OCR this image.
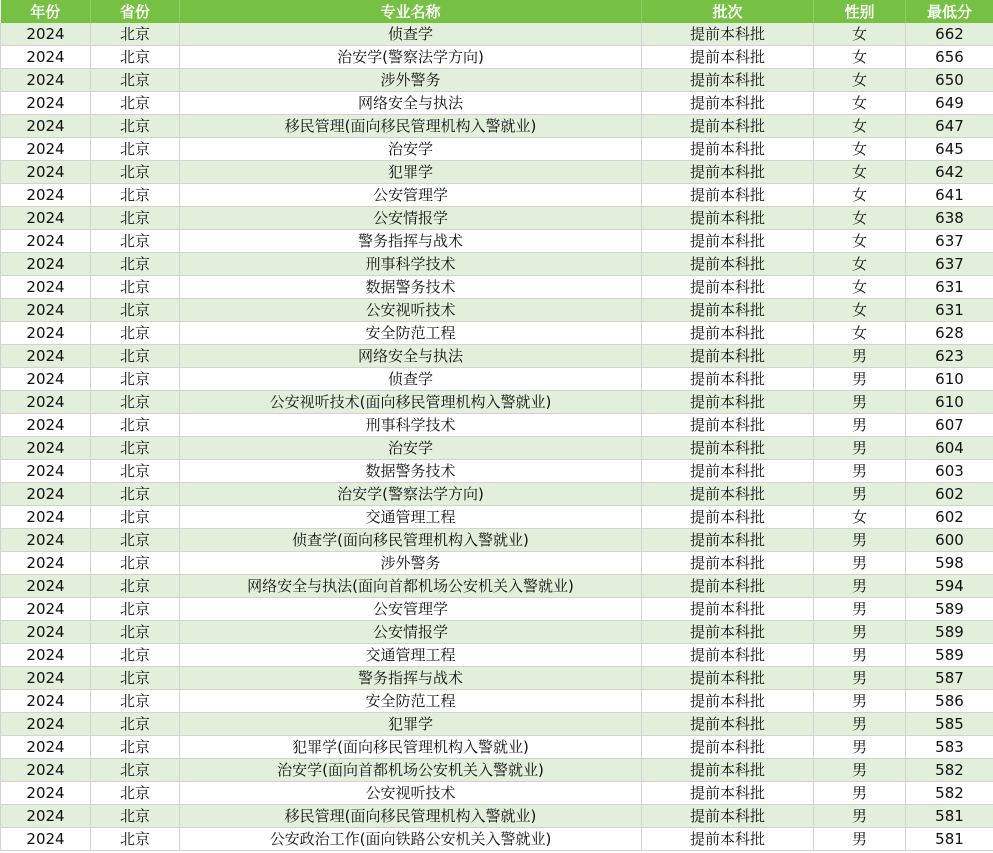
年份	省份	专业名称	批次	性别	最低分
2024	北京	侦查学	提前本科批	女	662
2024	北京	治安学(警察法学方向)	提前本科批	女	656
2024	北京	涉外警务	提前本科批	女	650
2024	北京	网络安全与执法	提前本科批	女	649
2024	北京	移民管理(面向移民管理机构入警就业)	提前本科批	女	647
2024	北京	治安学	提前本科批	女	645
2024	北京	犯罪学	提前本科批	女	642
2024	北京	公安管理学	提前本科批	女	641
2024	北京	公安情报学	提前本科批	女	638
2024	北京	警务指挥与战术	提前本科批	女	637
2024	北京	刑事科学技术	提前本科批	女	637
2024	北京	数据警务技术	提前本科批	女	631
2024	北京	公安视听技术	提前本科批	女	631
2024	北京	安全防范工程	提前本科批	女	628
2024	北京	网络安全与执法	提前本科批	男	623
2024	北京	侦查学	提前本科批	男	610
2024	北京	公安视听技术(面向移民管理机构入警就业)	提前本科批	男	610
2024	北京	刑事科学技术	提前本科批	男	607
2024	北京	治安学	提前本科批	男	604
2024	北京	数据警务技术	提前本科批	男	603
2024	北京	治安学(警察法学方向)	提前本科批	男	602
2024	北京	交通管理工程	提前本科批	女	602
2024	北京	侦查学(面向移民管理机构入警就业)	提前本科批	男	600
2024	北京	涉外警务	提前本科批	男	598
2024	北京	网络安全与执法(面向首都机场公安机关入警就业)	提前本科批	男	594
2024	北京	公安管理学	提前本科批	男	589
2024	北京	公安情报学	提前本科批	男	589
2024	北京	交通管理工程	提前本科批	男	589
2024	北京	警务指挥与战术	提前本科批	男	587
2024	北京	安全防范工程	提前本科批	男	586
2024	北京	犯罪学	提前本科批	男	585
2024	北京	犯罪学(面向移民管理机构入警就业)	提前本科批	男	583
2024	北京	治安学(面向首都机场公安机关入警就业)	提前本科批	男	582
2024	北京	公安视听技术	提前本科批	男	582
2024	北京	移民管理(面向移民管理机构入警就业)	提前本科批	男	581
2024	北京	公安政治工作(面向铁路公安机关入警就业)	提前本科批	男	581
